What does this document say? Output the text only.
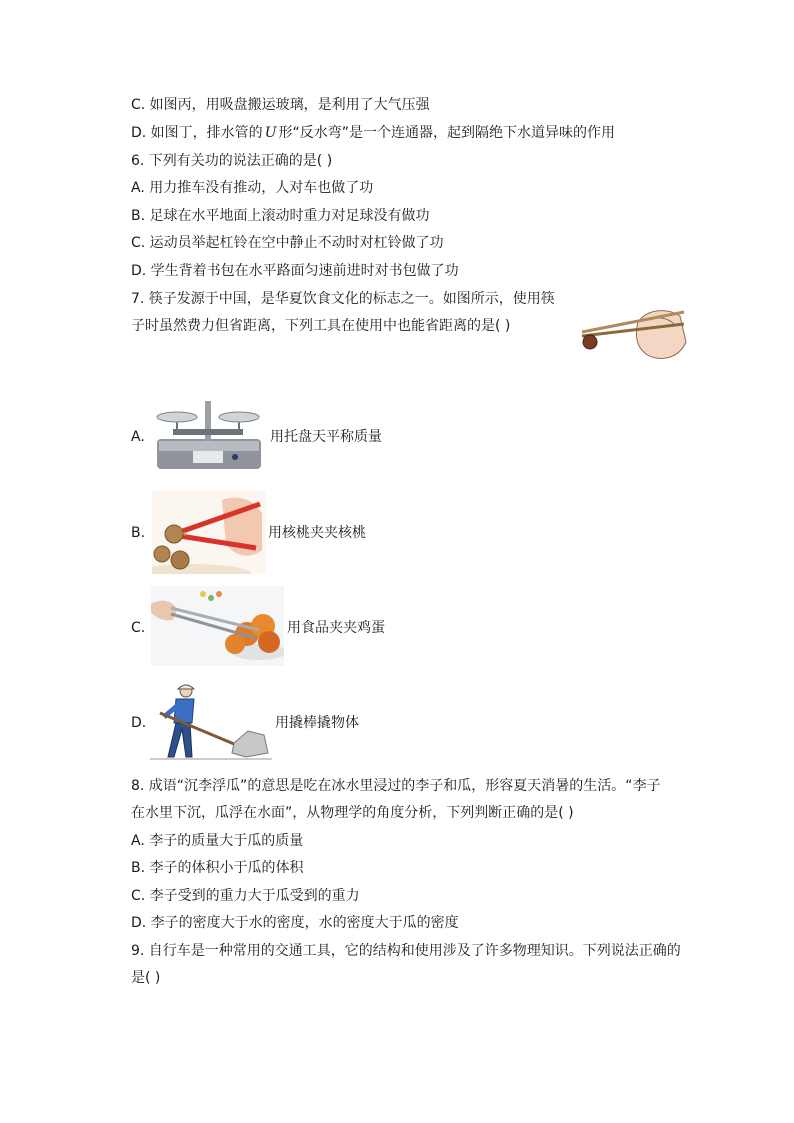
C. 如图丙，用吸盘搬运玻璃，是利用了大气压强
D. 如图丁，排水管的 U 形“反水弯”是一个连通器，起到隔绝下水道异味的作用
6. 下列有关功的说法正确的是( )
A. 用力推车没有推动，人对车也做了功
B. 足球在水平地面上滚动时重力对足球没有做功
C. 运动员举起杠铃在空中静止不动时对杠铃做了功
D. 学生背着书包在水平路面匀速前进时对书包做了功
7. 筷子发源于中国，是华夏饮食文化的标志之一。如图所示，使用筷
子时虽然费力但省距离，下列工具在使用中也能省距离的是( )
A.	用托盘天平称质量
B.	用核桃夹夹核桃
C.	用食品夹夹鸡蛋
D.	用撬棒撬物体
8. 成语“沉李浮瓜”的意思是吃在冰水里浸过的李子和瓜，形容夏天消暑的生活。“李子
在水里下沉，瓜浮在水面”，从物理学的角度分析，下列判断正确的是( )
A. 李子的质量大于瓜的质量
B. 李子的体积小于瓜的体积
C. 李子受到的重力大于瓜受到的重力
D. 李子的密度大于水的密度，水的密度大于瓜的密度
9. 自行车是一种常用的交通工具，它的结构和使用涉及了许多物理知识。下列说法正确的
是( )
